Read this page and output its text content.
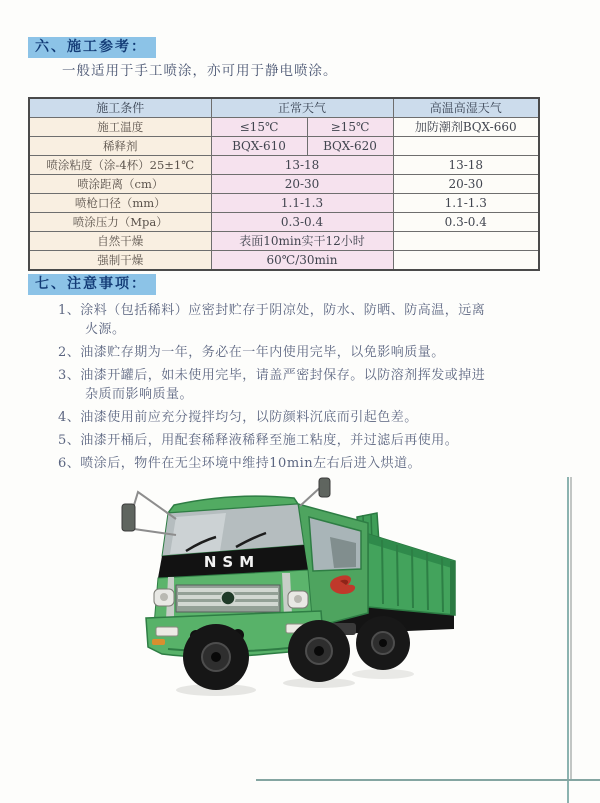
六、施工参考：
一般适用于手工喷涂，亦可用于静电喷涂。
施工条件	正常天气		高温高湿天气
施工温度	≤15℃	≥15℃	加防潮剂BQX-660
稀释剂	BQX-610	BQX-620	
喷涂粘度（涂-4杯）25±1℃	13-18		13-18
喷涂距离（cm）	20-30		20-30
喷枪口径（mm）	1.1-1.3		1.1-1.3
喷涂压力（Mpa）	0.3-0.4		0.3-0.4
自然干燥	表面10min实干12小时		
强制干燥	60℃/30min		
七、注意事项：
1、涂料（包括稀料）应密封贮存于阴凉处，防水、防晒、防高温，远离火源。
2、油漆贮存期为一年，务必在一年内使用完毕，以免影响质量。
3、油漆开罐后，如未使用完毕，请盖严密封保存。以防溶剂挥发或掉进杂质而影响质量。
4、油漆使用前应充分搅拌均匀，以防颜料沉底而引起色差。
5、油漆开桶后，用配套稀释液稀释至施工粘度，并过滤后再使用。
6、喷涂后，物件在无尘环境中维持10min左右后进入烘道。
NSM
